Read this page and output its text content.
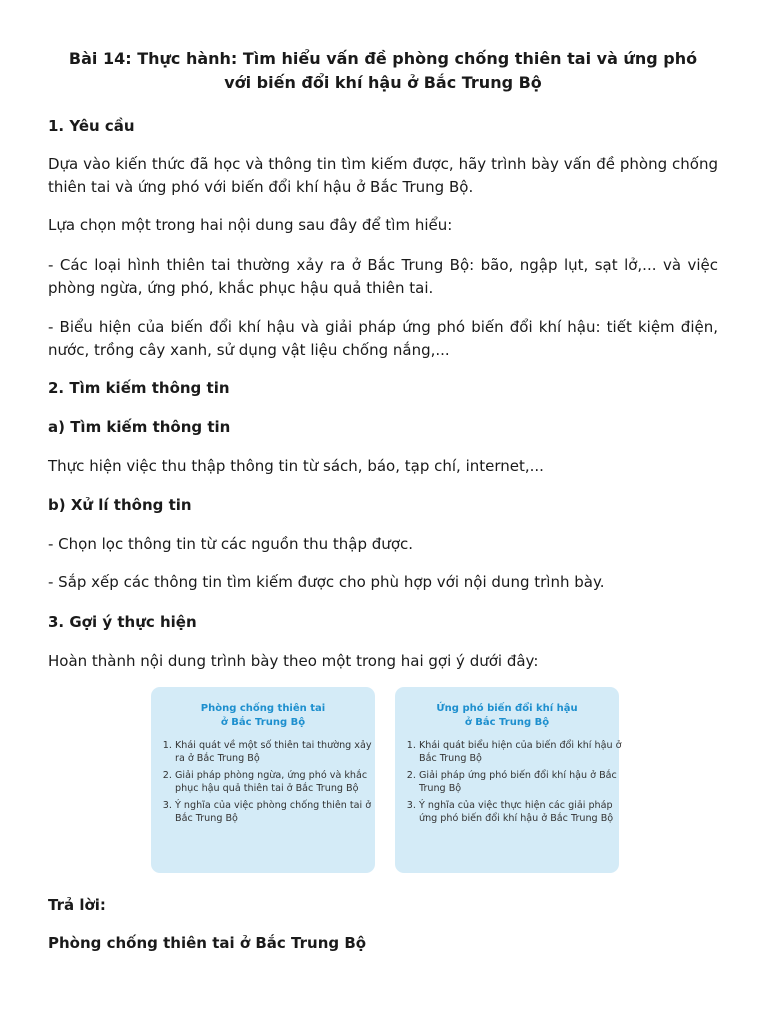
Bài 14: Thực hành: Tìm hiểu vấn đề phòng chống thiên tai và ứng phó
với biến đổi khí hậu ở Bắc Trung Bộ
1. Yêu cầu
Dựa vào kiến thức đã học và thông tin tìm kiếm được, hãy trình bày vấn đề phòng chống thiên tai và ứng phó với biến đổi khí hậu ở Bắc Trung Bộ.
Lựa chọn một trong hai nội dung sau đây để tìm hiểu:
- Các loại hình thiên tai thường xảy ra ở Bắc Trung Bộ: bão, ngập lụt, sạt lở,... và việc phòng ngừa, ứng phó, khắc phục hậu quả thiên tai.
- Biểu hiện của biến đổi khí hậu và giải pháp ứng phó biến đổi khí hậu: tiết kiệm điện, nước, trồng cây xanh, sử dụng vật liệu chống nắng,...
2. Tìm kiếm thông tin
a) Tìm kiếm thông tin
Thực hiện việc thu thập thông tin từ sách, báo, tạp chí, internet,...
b) Xử lí thông tin
- Chọn lọc thông tin từ các nguồn thu thập được.
- Sắp xếp các thông tin tìm kiếm được cho phù hợp với nội dung trình bày.
3. Gợi ý thực hiện
Hoàn thành nội dung trình bày theo một trong hai gợi ý dưới đây:
Phòng chống thiên tai
ở Bắc Trung Bộ
1. Khái quát về một số thiên tai thường xảy ra ở Bắc Trung Bộ
2. Giải pháp phòng ngừa, ứng phó và khắc phục hậu quả thiên tai ở Bắc Trung Bộ
3. Ý nghĩa của việc phòng chống thiên tai ở Bắc Trung Bộ
Ứng phó biến đổi khí hậu
ở Bắc Trung Bộ
1. Khái quát biểu hiện của biến đổi khí hậu ở Bắc Trung Bộ
2. Giải pháp ứng phó biến đổi khí hậu ở Bắc Trung Bộ
3. Ý nghĩa của việc thực hiện các giải pháp ứng phó biến đổi khí hậu ở Bắc Trung Bộ
Trả lời:
Phòng chống thiên tai ở Bắc Trung Bộ
